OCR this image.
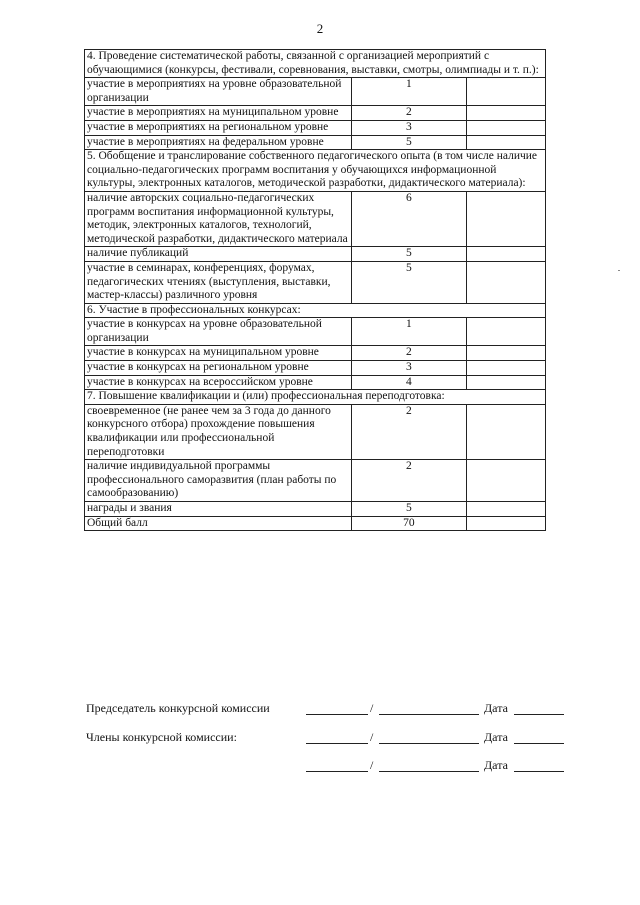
2
4. Проведение систематической работы, связанной с организацией мероприятий с обучающимися (конкурсы, фестивали, соревнования, выставки, смотры, олимпиады и т. п.):		
участие в мероприятиях на уровне образовательной организации	1	
участие в мероприятиях на муниципальном уровне	2	
участие в мероприятиях на региональном уровне	3	
участие в мероприятиях на федеральном уровне	5	
5. Обобщение и транслирование собственного педагогического опыта (в том числе наличие социально-педагогических программ воспитания у обучающихся информационной культуры, электронных каталогов, методической разработки, дидактического материала):		
наличие авторских социально-педагогических программ воспитания информационной культуры, методик, электронных каталогов, технологий, методической разработки, дидактического материала	6	
наличие публикаций	5	
участие в семинарах, конференциях, форумах, педагогических чтениях (выступления, выставки, мастер-классы) различного уровня	5	
6. Участие в профессиональных конкурсах:		
участие в конкурсах на уровне образовательной организации	1	
участие в конкурсах на муниципальном уровне	2	
участие в конкурсах на региональном уровне	3	
участие в конкурсах на всероссийском уровне	4	
7. Повышение квалификации и (или) профессиональная переподготовка:		
своевременное (не ранее чем за 3 года до данного конкурсного отбора) прохождение повышения квалификации или профессиональной переподготовки	2	
наличие индивидуальной программы профессионального саморазвития (план работы по самообразованию)	2	
награды и звания	5	
Общий балл	70	
Председатель конкурсной комиссии	/	Дата
Члены конкурсной комиссии:	/	Дата
/	Дата
